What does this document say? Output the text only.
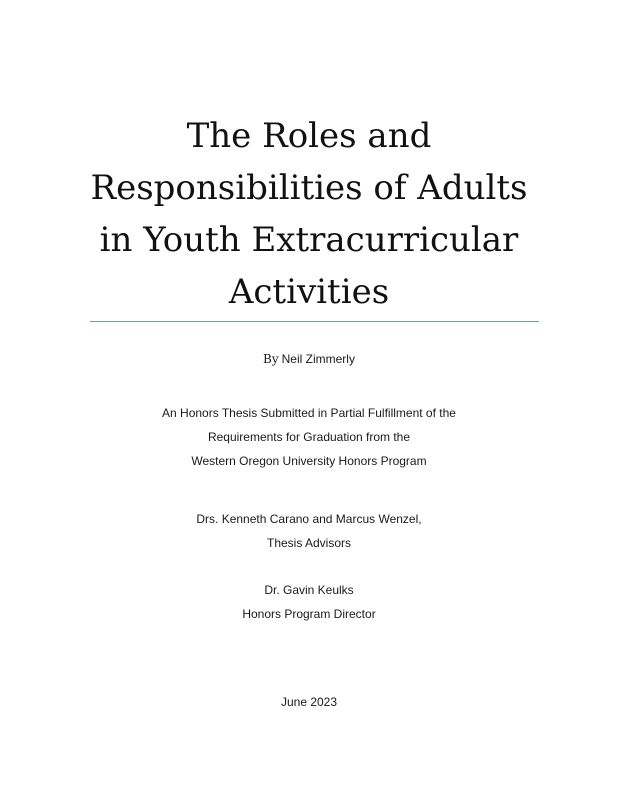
The Roles and
Responsibilities of Adults
in Youth Extracurricular
Activities
By Neil Zimmerly
An Honors Thesis Submitted in Partial Fulfillment of the
Requirements for Graduation from the
Western Oregon University Honors Program
Drs. Kenneth Carano and Marcus Wenzel,
Thesis Advisors
Dr. Gavin Keulks
Honors Program Director
June 2023
